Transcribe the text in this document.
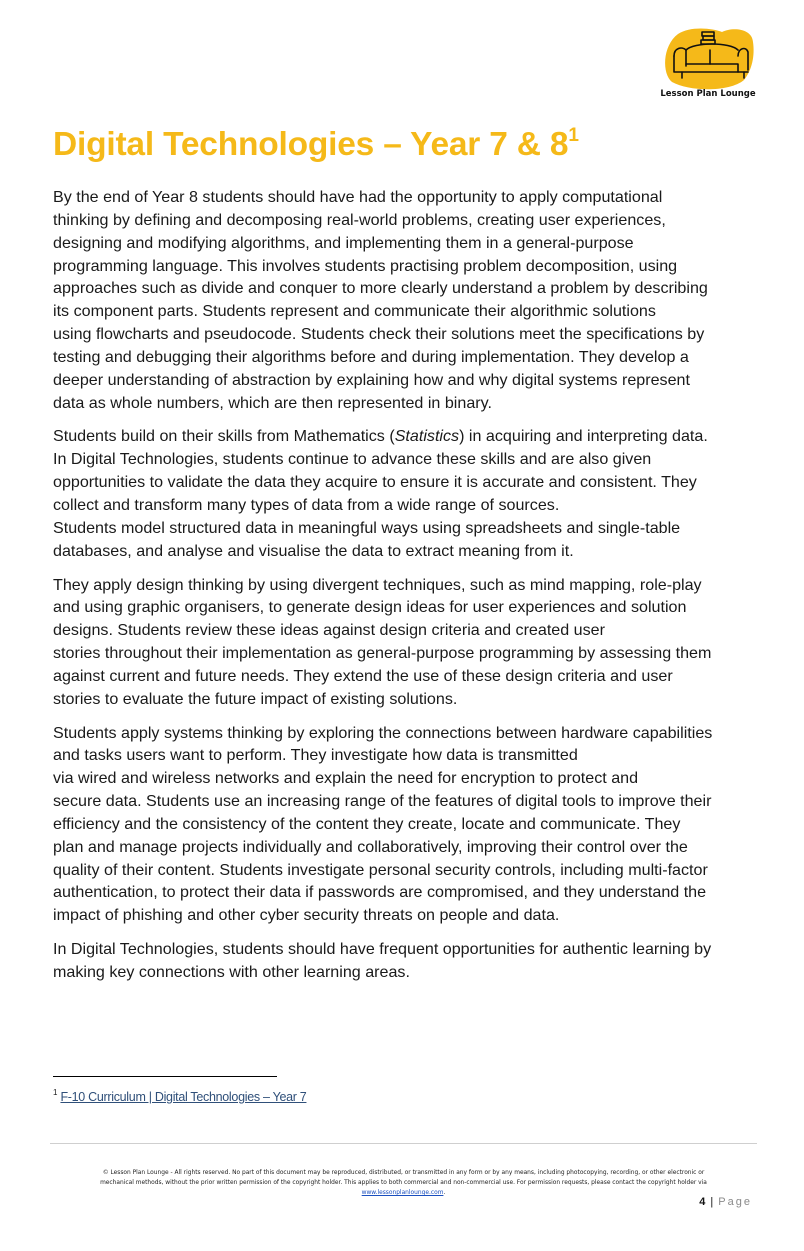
Lesson Plan Lounge
Digital Technologies – Year 7 & $8^1$

By the end of Year 8 students should have had the opportunity to apply computational
thinking by defining and decomposing real-world problems, creating user experiences,
designing and modifying algorithms, and implementing them in a general-purpose
programming language. This involves students practising problem decomposition, using
approaches such as divide and conquer to more clearly understand a problem by describing
its component parts. Students represent and communicate their algorithmic solutions
using flowcharts and pseudocode. Students check their solutions meet the specifications by
testing and debugging their algorithms before and during implementation. They develop a
deeper understanding of abstraction by explaining how and why digital systems represent
data as whole numbers, which are then represented in binary.

Students build on their skills from Mathematics (Statistics) in acquiring and interpreting data.
In Digital Technologies, students continue to advance these skills and are also given
opportunities to validate the data they acquire to ensure it is accurate and consistent. They
collect and transform many types of data from a wide range of sources.
Students model structured data in meaningful ways using spreadsheets and single-table
databases, and analyse and visualise the data to extract meaning from it.

They apply design thinking by using divergent techniques, such as mind mapping, role-play
and using graphic organisers, to generate design ideas for user experiences and solution
designs. Students review these ideas against design criteria and created user
stories throughout their implementation as general-purpose programming by assessing them
against current and future needs. They extend the use of these design criteria and user
stories to evaluate the future impact of existing solutions.

Students apply systems thinking by exploring the connections between hardware capabilities
and tasks users want to perform. They investigate how data is transmitted
via wired and wireless networks and explain the need for encryption to protect and
secure data. Students use an increasing range of the features of digital tools to improve their
efficiency and the consistency of the content they create, locate and communicate. They
plan and manage projects individually and collaboratively, improving their control over the
quality of their content. Students investigate personal security controls, including multi-factor
authentication, to protect their data if passwords are compromised, and they understand the
impact of phishing and other cyber security threats on people and data.

In Digital Technologies, students should have frequent opportunities for authentic learning by
making key connections with other learning areas.

$^1$ F-10 Curriculum | Digital Technologies – Year 7
© Lesson Plan Lounge - All rights reserved. No part of this document may be reproduced, distributed, or transmitted in any form or by any means, including photocopying, recording, or other electronic or
mechanical methods, without the prior written permission of the copyright holder. This applies to both commercial and non-commercial use. For permission requests, please contact the copyright holder via
www.lessonplanlounge.com.
4 | Page
